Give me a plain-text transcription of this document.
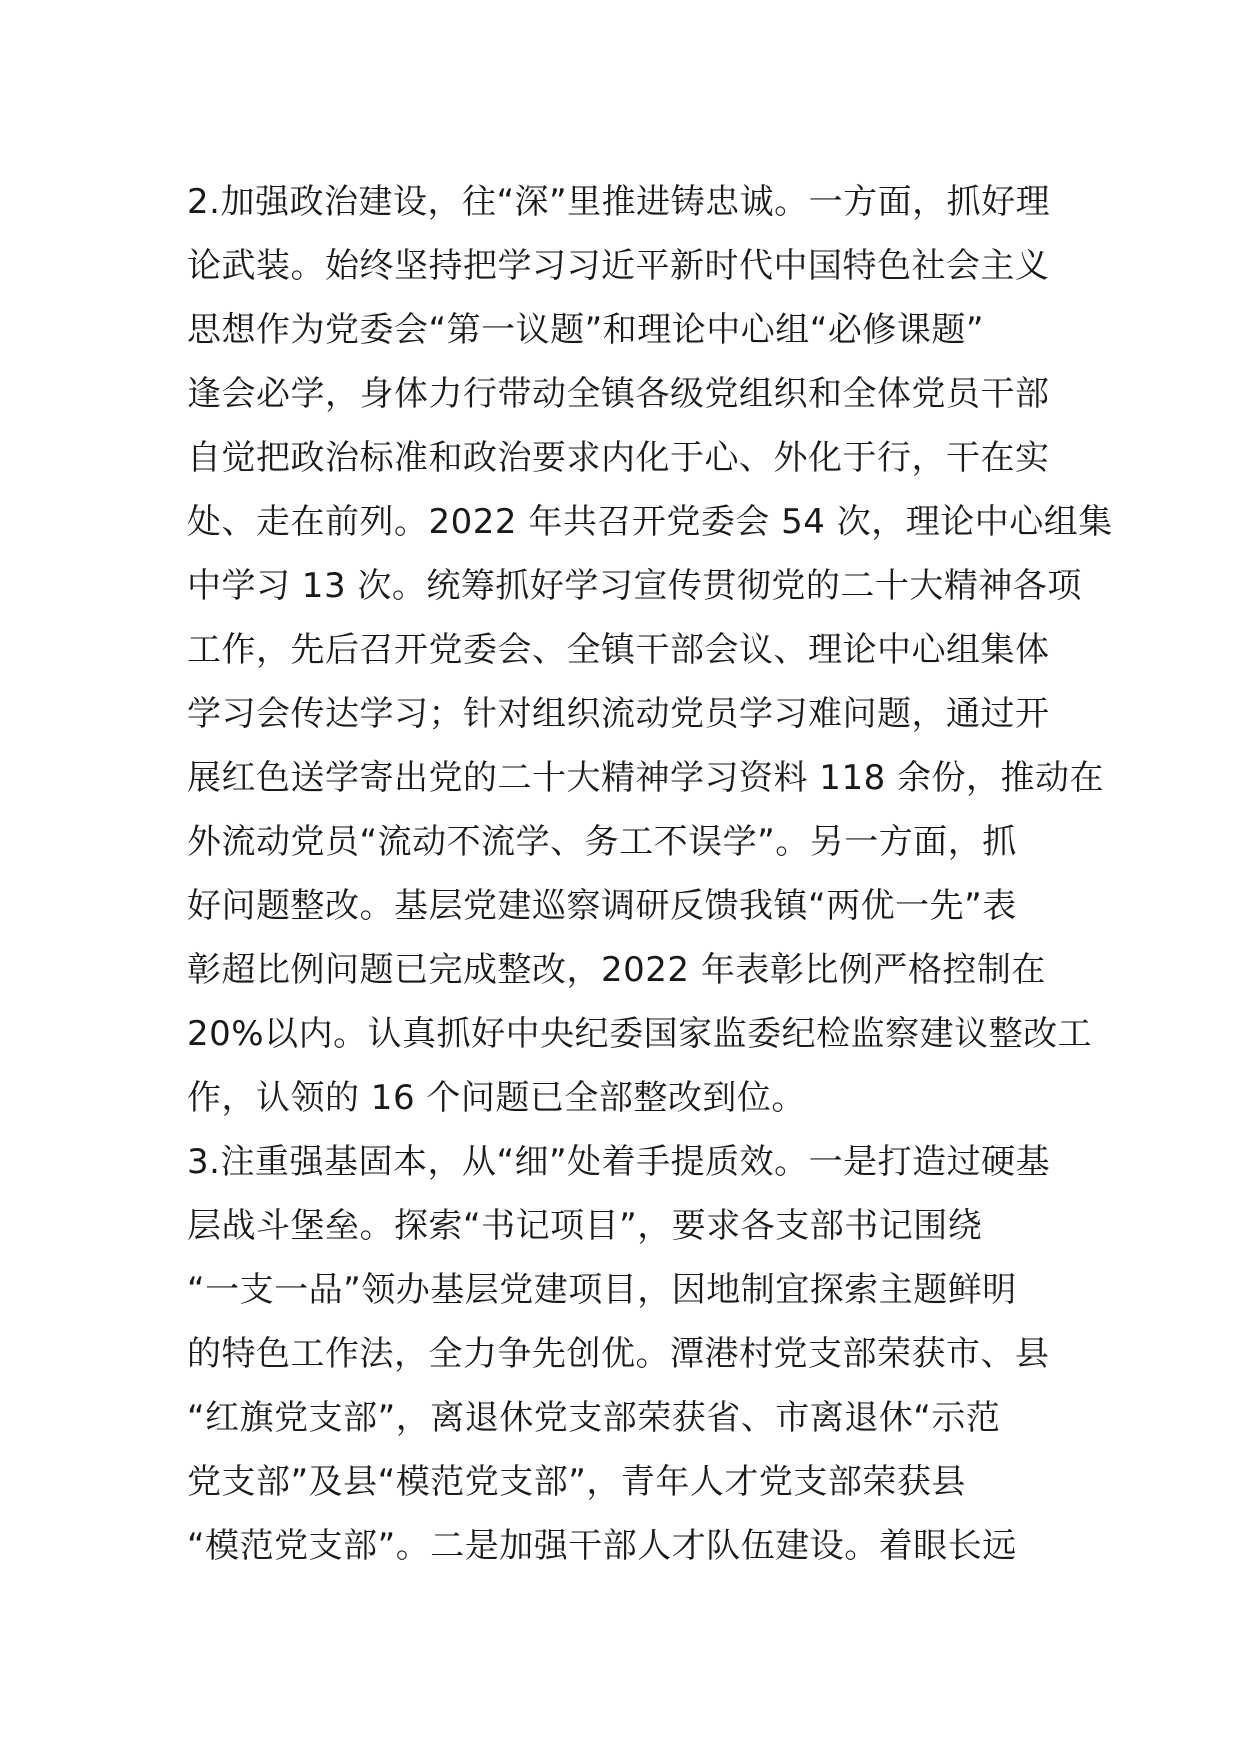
2.加强政治建设，往“深”里推进铸忠诚。一方面，抓好理
论武装。始终坚持把学习习近平新时代中国特色社会主义
思想作为党委会“第一议题”和理论中心组“必修课题”
逢会必学，身体力行带动全镇各级党组织和全体党员干部
自觉把政治标准和政治要求内化于心、外化于行，干在实
处、走在前列。2022 年共召开党委会 54 次，理论中心组集
中学习 13 次。统筹抓好学习宣传贯彻党的二十大精神各项
工作，先后召开党委会、全镇干部会议、理论中心组集体
学习会传达学习；针对组织流动党员学习难问题，通过开
展红色送学寄出党的二十大精神学习资料 118 余份，推动在
外流动党员“流动不流学、务工不误学”。另一方面，抓
好问题整改。基层党建巡察调研反馈我镇“两优一先”表
彰超比例问题已完成整改，2022 年表彰比例严格控制在
20%以内。认真抓好中央纪委国家监委纪检监察建议整改工
作，认领的 16 个问题已全部整改到位。
3.注重强基固本，从“细”处着手提质效。一是打造过硬基
层战斗堡垒。探索“书记项目”，要求各支部书记围绕
“一支一品”领办基层党建项目，因地制宜探索主题鲜明
的特色工作法，全力争先创优。潭港村党支部荣获市、县
“红旗党支部”，离退休党支部荣获省、市离退休“示范
党支部”及县“模范党支部”，青年人才党支部荣获县
“模范党支部”。二是加强干部人才队伍建设。着眼长远
